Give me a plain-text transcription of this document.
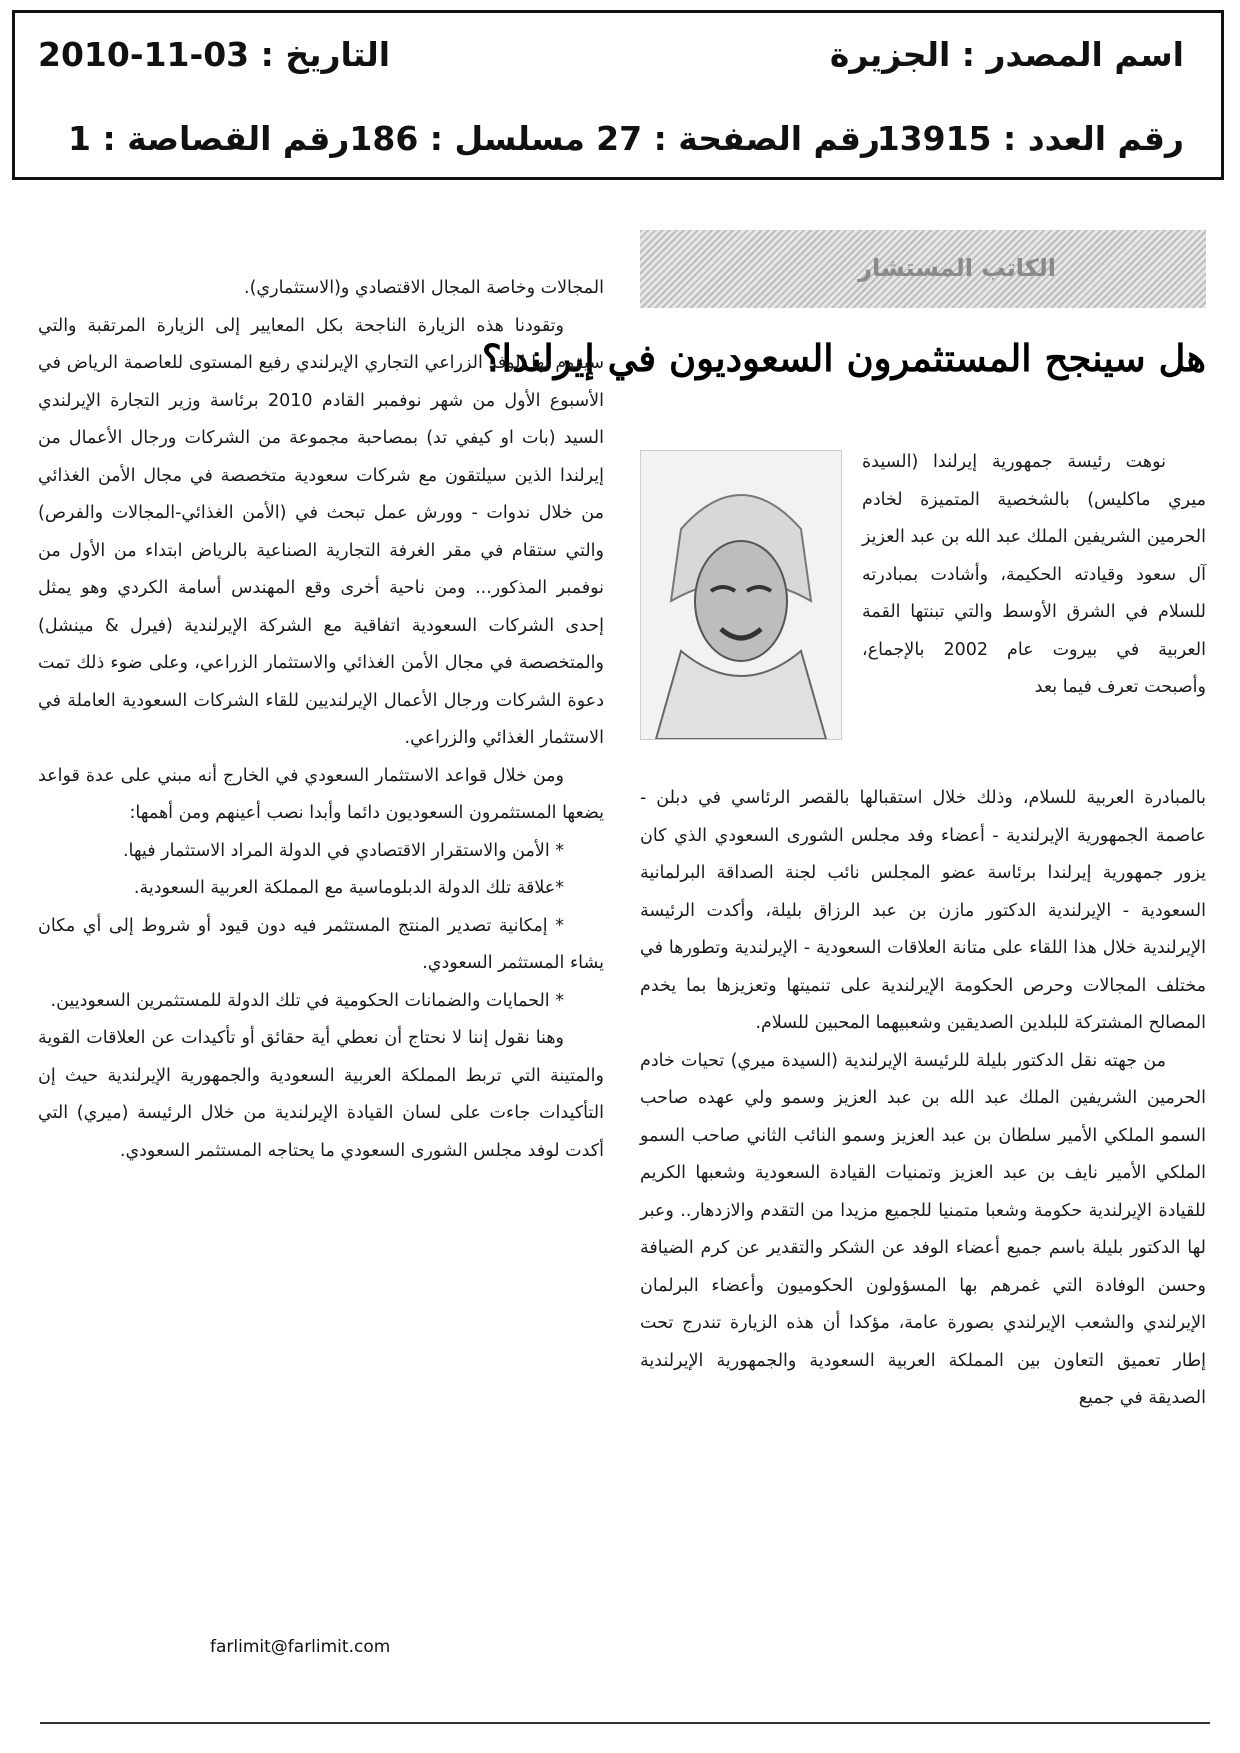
اسم المصدر : الجزيرة
التاريخ : 03-11-2010
رقم العدد : 13915
رقم الصفحة : 27
مسلسل : 186
رقم القصاصة : 1
الكاتب المستشار
هل سينجح المستثمرون السعوديون في إيرلندا؟

نوهت رئيسة جمهورية إيرلندا (السيدة ميري ماكليس) بالشخصية المتميزة لخادم الحرمين الشريفين الملك عبد الله بن عبد العزيز آل سعود وقيادته الحكيمة، وأشادت بمبادرته للسلام في الشرق الأوسط والتي تبنتها القمة العربية في بيروت عام 2002 بالإجماع، وأصبحت تعرف فيما بعد

بالمبادرة العربية للسلام، وذلك خلال استقبالها بالقصر الرئاسي في دبلن - عاصمة الجمهورية الإيرلندية - أعضاء وفد مجلس الشورى السعودي الذي كان يزور جمهورية إيرلندا برئاسة عضو المجلس نائب لجنة الصداقة البرلمانية السعودية - الإيرلندية الدكتور مازن بن عبد الرزاق بليلة، وأكدت الرئيسة الإيرلندية خلال هذا اللقاء على متانة العلاقات السعودية - الإيرلندية وتطورها في مختلف المجالات وحرص الحكومة الإيرلندية على تنميتها وتعزيزها بما يخدم المصالح المشتركة للبلدين الصديقين وشعبيهما المحبين للسلام.

من جهته نقل الدكتور بليلة للرئيسة الإيرلندية (السيدة ميري) تحيات خادم الحرمين الشريفين الملك عبد الله بن عبد العزيز وسمو ولي عهده صاحب السمو الملكي الأمير سلطان بن عبد العزيز وسمو النائب الثاني صاحب السمو الملكي الأمير نايف بن عبد العزيز وتمنيات القيادة السعودية وشعبها الكريم للقيادة الإيرلندية حكومة وشعبا متمنيا للجميع مزيدا من التقدم والازدهار.. وعبر لها الدكتور بليلة باسم جميع أعضاء الوفد عن الشكر والتقدير عن كرم الضيافة وحسن الوفادة التي غمرهم بها المسؤولون الحكوميون وأعضاء البرلمان الإيرلندي والشعب الإيرلندي بصورة عامة، مؤكدا أن هذه الزيارة تندرج تحت إطار تعميق التعاون بين المملكة العربية السعودية والجمهورية الإيرلندية الصديقة في جميع

المجالات وخاصة المجال الاقتصادي و(الاستثماري).

وتقودنا هذه الزيارة الناجحة بكل المعايير إلى الزيارة المرتقبة والتي سيقوم بها الوفد الزراعي التجاري الإيرلندي رفيع المستوى للعاصمة الرياض في الأسبوع الأول من شهر نوفمبر القادم 2010 برئاسة وزير التجارة الإيرلندي السيد (بات او كيفي تد) بمصاحبة مجموعة من الشركات ورجال الأعمال من إيرلندا الذين سيلتقون مع شركات سعودية متخصصة في مجال الأمن الغذائي من خلال ندوات - وورش عمل تبحث في (الأمن الغذائي-المجالات والفرص) والتي ستقام في مقر الغرفة التجارية الصناعية بالرياض ابتداء من الأول من نوفمبر المذكور... ومن ناحية أخرى وقع المهندس أسامة الكردي وهو يمثل إحدى الشركات السعودية اتفاقية مع الشركة الإيرلندية (فيرل & مينشل) والمتخصصة في مجال الأمن الغذائي والاستثمار الزراعي، وعلى ضوء ذلك تمت دعوة الشركات ورجال الأعمال الإيرلنديين للقاء الشركات السعودية العاملة في الاستثمار الغذائي والزراعي.

ومن خلال قواعد الاستثمار السعودي في الخارج أنه مبني على عدة قواعد يضعها المستثمرون السعوديون دائما وأبدا نصب أعينهم ومن أهمها:

* الأمن والاستقرار الاقتصادي في الدولة المراد الاستثمار فيها.

*علاقة تلك الدولة الدبلوماسية مع المملكة العربية السعودية.

* إمكانية تصدير المنتج المستثمر فيه دون قيود أو شروط إلى أي مكان يشاء المستثمر السعودي.

* الحمايات والضمانات الحكومية في تلك الدولة للمستثمرين السعوديين.

وهنا نقول إننا لا نحتاج أن نعطي أية حقائق أو تأكيدات عن العلاقات القوية والمتينة التي تربط المملكة العربية السعودية والجمهورية الإيرلندية حيث إن التأكيدات جاءت على لسان القيادة الإيرلندية من خلال الرئيسة (ميري) التي أكدت لوفد مجلس الشورى السعودي ما يحتاجه المستثمر السعودي.

farlimit@farlimit.com
